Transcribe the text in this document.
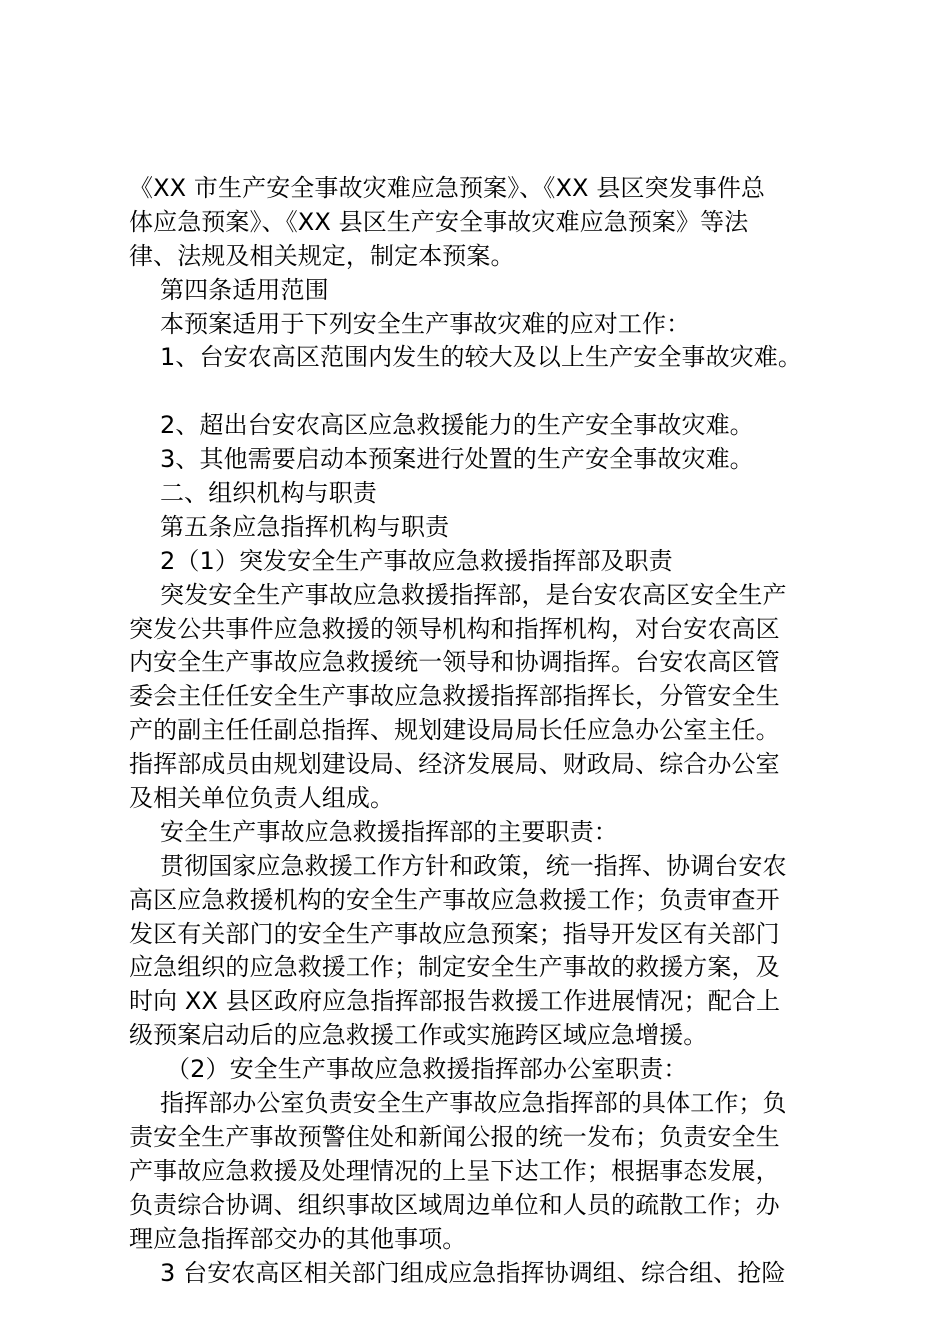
《XX 市生产安全事故灾难应急预案》、《XX 县区突发事件总
体应急预案》、《XX 县区生产安全事故灾难应急预案》等法
律、法规及相关规定，制定本预案。
第四条适用范围
本预案适用于下列安全生产事故灾难的应对工作：
1、台安农高区范围内发生的较大及以上生产安全事故灾难。
2、超出台安农高区应急救援能力的生产安全事故灾难。
3、其他需要启动本预案进行处置的生产安全事故灾难。
二、组织机构与职责
第五条应急指挥机构与职责
2（1）突发安全生产事故应急救援指挥部及职责
突发安全生产事故应急救援指挥部，是台安农高区安全生产
突发公共事件应急救援的领导机构和指挥机构，对台安农高区
内安全生产事故应急救援统一领导和协调指挥。台安农高区管
委会主任任安全生产事故应急救援指挥部指挥长，分管安全生
产的副主任任副总指挥、规划建设局局长任应急办公室主任。
指挥部成员由规划建设局、经济发展局、财政局、综合办公室
及相关单位负责人组成。
安全生产事故应急救援指挥部的主要职责：
贯彻国家应急救援工作方针和政策，统一指挥、协调台安农
高区应急救援机构的安全生产事故应急救援工作；负责审查开
发区有关部门的安全生产事故应急预案；指导开发区有关部门
应急组织的应急救援工作；制定安全生产事故的救援方案，及
时向 XX 县区政府应急指挥部报告救援工作进展情况；配合上
级预案启动后的应急救援工作或实施跨区域应急增援。
（2）安全生产事故应急救援指挥部办公室职责：
指挥部办公室负责安全生产事故应急指挥部的具体工作；负
责安全生产事故预警住处和新闻公报的统一发布；负责安全生
产事故应急救援及处理情况的上呈下达工作；根据事态发展，
负责综合协调、组织事故区域周边单位和人员的疏散工作；办
理应急指挥部交办的其他事项。
3 台安农高区相关部门组成应急指挥协调组、综合组、抢险
